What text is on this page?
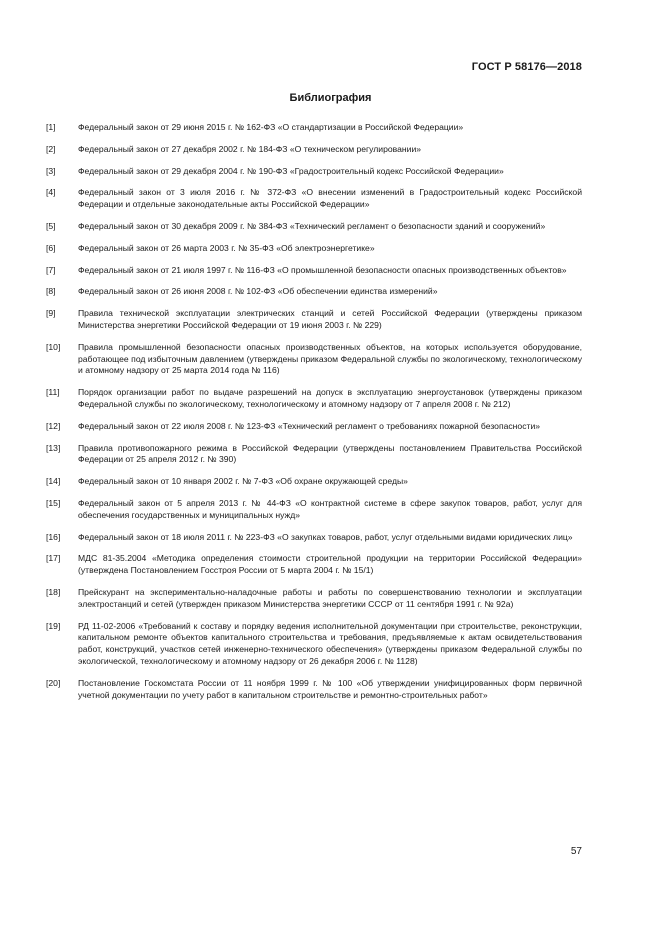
ГОСТ Р 58176—2018
Библиография
[1]	Федеральный закон от 29 июня 2015 г. № 162-ФЗ «О стандартизации в Российской Федерации»
[2]	Федеральный закон от 27 декабря 2002 г. № 184-ФЗ «О техническом регулировании»
[3]	Федеральный закон от 29 декабря 2004 г. № 190-ФЗ «Градостроительный кодекс Российской Федерации»
[4]	Федеральный закон от 3 июля 2016 г. № 372-ФЗ «О внесении изменений в Градостроительный кодекс Российской Федерации и отдельные законодательные акты Российской Федерации»
[5]	Федеральный закон от 30 декабря 2009 г. № 384-ФЗ «Технический регламент о безопасности зданий и сооружений»
[6]	Федеральный закон от 26 марта 2003 г. № 35-ФЗ «Об электроэнергетике»
[7]	Федеральный закон от 21 июля 1997 г. № 116-ФЗ «О промышленной безопасности опасных производственных объектов»
[8]	Федеральный закон от 26 июня 2008 г. № 102-ФЗ «Об обеспечении единства измерений»
[9]	Правила технической эксплуатации электрических станций и сетей Российской Федерации (утверждены приказом Министерства энергетики Российской Федерации от 19 июня 2003 г. № 229)
[10]	Правила промышленной безопасности опасных производственных объектов, на которых используется оборудование, работающее под избыточным давлением (утверждены приказом Федеральной службы по экологическому, технологическому и атомному надзору от 25 марта 2014 года № 116)
[11]	Порядок организации работ по выдаче разрешений на допуск в эксплуатацию энергоустановок (утверждены приказом Федеральной службы по экологическому, технологическому и атомному надзору от 7 апреля 2008 г. № 212)
[12]	Федеральный закон от 22 июля 2008 г. № 123-ФЗ «Технический регламент о требованиях пожарной безопасности»
[13]	Правила противопожарного режима в Российской Федерации (утверждены постановлением Правительства Российской Федерации от 25 апреля 2012 г. № 390)
[14]	Федеральный закон от 10 января 2002 г. № 7-ФЗ «Об охране окружающей среды»
[15]	Федеральный закон от 5 апреля 2013 г. № 44-ФЗ «О контрактной системе в сфере закупок товаров, работ, услуг для обеспечения государственных и муниципальных нужд»
[16]	Федеральный закон от 18 июля 2011 г. № 223-ФЗ «О закупках товаров, работ, услуг отдельными видами юридических лиц»
[17]	МДС 81-35.2004 «Методика определения стоимости строительной продукции на территории Российской Федерации» (утверждена Постановлением Госстроя России от 5 марта 2004 г. № 15/1)
[18]	Прейскурант на экспериментально-наладочные работы и работы по совершенствованию технологии и эксплуатации электростанций и сетей (утвержден приказом Министерства энергетики СССР от 11 сентября 1991 г. № 92а)
[19]	РД 11-02-2006 «Требований к составу и порядку ведения исполнительной документации при строительстве, реконструкции, капитальном ремонте объектов капитального строительства и требования, предъявляемые к актам освидетельствования работ, конструкций, участков сетей инженерно-технического обеспечения» (утверждены приказом Федеральной службы по экологической, технологическому и атомному надзору от 26 декабря 2006 г. № 1128)
[20]	Постановление Госкомстата России от 11 ноября 1999 г. № 100 «Об утверждении унифицированных форм первичной учетной документации по учету работ в капитальном строительстве и ремонтно-строительных работ»
57
